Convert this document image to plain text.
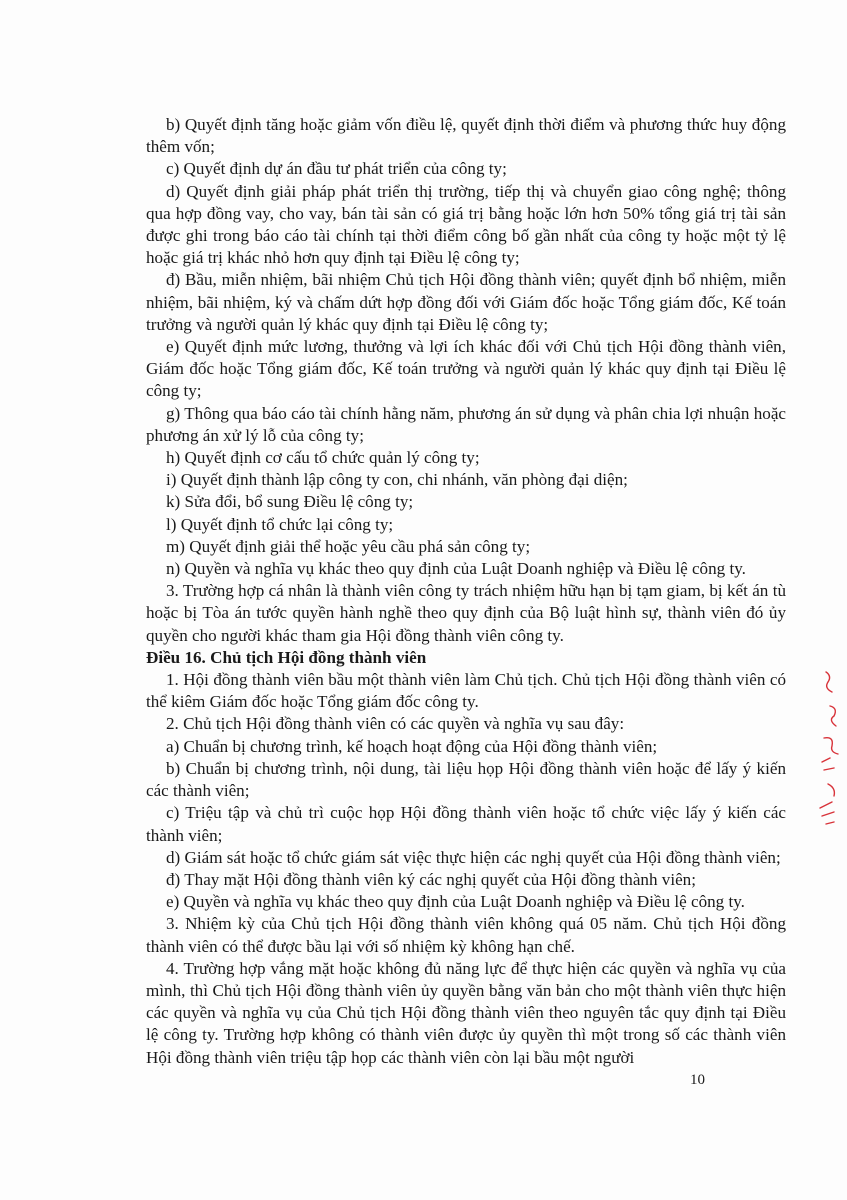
b) Quyết định tăng hoặc giảm vốn điều lệ, quyết định thời điểm và phương thức huy động thêm vốn;

c) Quyết định dự án đầu tư phát triển của công ty;

d) Quyết định giải pháp phát triển thị trường, tiếp thị và chuyển giao công nghệ; thông qua hợp đồng vay, cho vay, bán tài sản có giá trị bằng hoặc lớn hơn 50% tổng giá trị tài sản được ghi trong báo cáo tài chính tại thời điểm công bố gần nhất của công ty hoặc một tỷ lệ hoặc giá trị khác nhỏ hơn quy định tại Điều lệ công ty;

đ) Bầu, miễn nhiệm, bãi nhiệm Chủ tịch Hội đồng thành viên; quyết định bổ nhiệm, miễn nhiệm, bãi nhiệm, ký và chấm dứt hợp đồng đối với Giám đốc hoặc Tổng giám đốc, Kế toán trưởng và người quản lý khác quy định tại Điều lệ công ty;

e) Quyết định mức lương, thưởng và lợi ích khác đối với Chủ tịch Hội đồng thành viên, Giám đốc hoặc Tổng giám đốc, Kế toán trưởng và người quản lý khác quy định tại Điều lệ công ty;

g) Thông qua báo cáo tài chính hằng năm, phương án sử dụng và phân chia lợi nhuận hoặc phương án xử lý lỗ của công ty;

h) Quyết định cơ cấu tổ chức quản lý công ty;

i) Quyết định thành lập công ty con, chi nhánh, văn phòng đại diện;

k) Sửa đổi, bổ sung Điều lệ công ty;

l) Quyết định tổ chức lại công ty;

m) Quyết định giải thể hoặc yêu cầu phá sản công ty;

n) Quyền và nghĩa vụ khác theo quy định của Luật Doanh nghiệp và Điều lệ công ty.

3. Trường hợp cá nhân là thành viên công ty trách nhiệm hữu hạn bị tạm giam, bị kết án tù hoặc bị Tòa án tước quyền hành nghề theo quy định của Bộ luật hình sự, thành viên đó ủy quyền cho người khác tham gia Hội đồng thành viên công ty.

Điều 16. Chủ tịch Hội đồng thành viên

1. Hội đồng thành viên bầu một thành viên làm Chủ tịch. Chủ tịch Hội đồng thành viên có thể kiêm Giám đốc hoặc Tổng giám đốc công ty.

2. Chủ tịch Hội đồng thành viên có các quyền và nghĩa vụ sau đây:

a) Chuẩn bị chương trình, kế hoạch hoạt động của Hội đồng thành viên;

b) Chuẩn bị chương trình, nội dung, tài liệu họp Hội đồng thành viên hoặc để lấy ý kiến các thành viên;

c) Triệu tập và chủ trì cuộc họp Hội đồng thành viên hoặc tổ chức việc lấy ý kiến các thành viên;

d) Giám sát hoặc tổ chức giám sát việc thực hiện các nghị quyết của Hội đồng thành viên;

đ) Thay mặt Hội đồng thành viên ký các nghị quyết của Hội đồng thành viên;

e) Quyền và nghĩa vụ khác theo quy định của Luật Doanh nghiệp và Điều lệ công ty.

3. Nhiệm kỳ của Chủ tịch Hội đồng thành viên không quá 05 năm. Chủ tịch Hội đồng thành viên có thể được bầu lại với số nhiệm kỳ không hạn chế.

4. Trường hợp vắng mặt hoặc không đủ năng lực để thực hiện các quyền và nghĩa vụ của mình, thì Chủ tịch Hội đồng thành viên ủy quyền bằng văn bản cho một thành viên thực hiện các quyền và nghĩa vụ của Chủ tịch Hội đồng thành viên theo nguyên tắc quy định tại Điều lệ công ty. Trường hợp không có thành viên được ủy quyền thì một trong số các thành viên Hội đồng thành viên triệu tập họp các thành viên còn lại bầu một người

10
